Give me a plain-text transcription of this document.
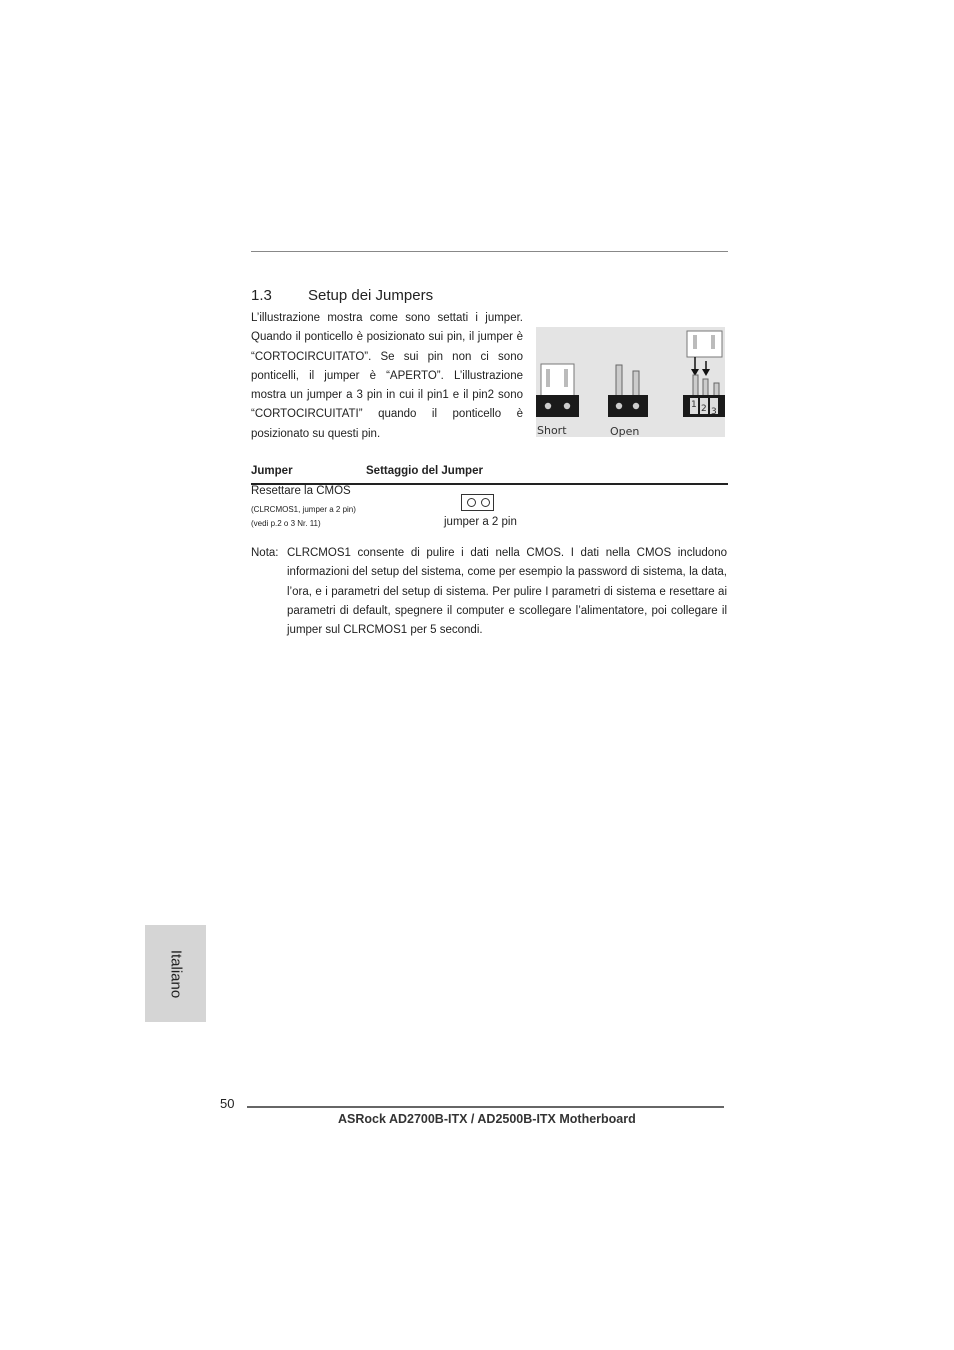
1.3 Setup dei Jumpers

L’illustrazione mostra come sono settati i jumper. Quando il ponticello è posizionato sui pin, il jumper è “CORTOCIRCUITATO”. Se sui pin non ci sono ponticelli, il jumper è “APERTO”. L’illustrazione mostra un jumper a 3 pin in cui il pin1 e il pin2 sono “CORTOCIRCUITATI” quando il ponticello è posizionato su questi pin.	Short	Open
1 2 3
Jumper	Settaggio del Jumper
Resettare la CMOS
(CLRCMOS1, jumper a 2 pin)
(vedi p.2 o 3 Nr. 11)	jumper a 2 pin
Nota: CLRCMOS1 consente di pulire i dati nella CMOS. I dati nella CMOS includono informazioni del setup del sistema, come per esempio la password di sistema, la data, l’ora, e i parametri del setup di sistema. Per pulire I parametri di sistema e resettare ai parametri di default, spegnere il computer e scollegare l’alimentatore, poi collegare il jumper sul CLRCMOS1 per 5 secondi.
Italiano
50
ASRock AD2700B-ITX / AD2500B-ITX Motherboard
